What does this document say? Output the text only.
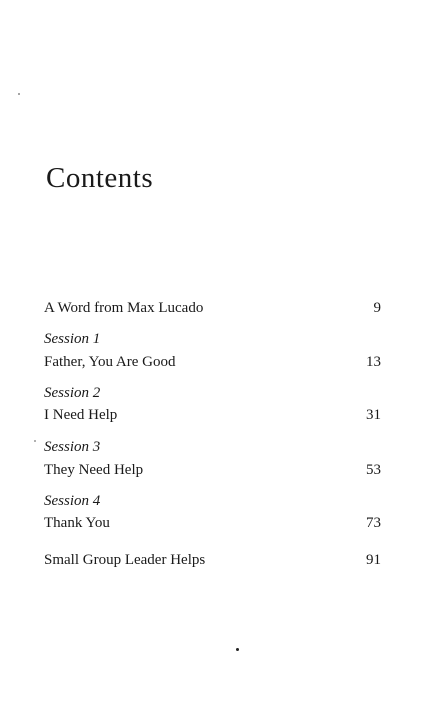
Contents
A Word from Max Lucado	9
Session 1
Father, You Are Good	13
Session 2
I Need Help	31
Session 3
They Need Help	53
Session 4
Thank You	73
Small Group Leader Helps	91
